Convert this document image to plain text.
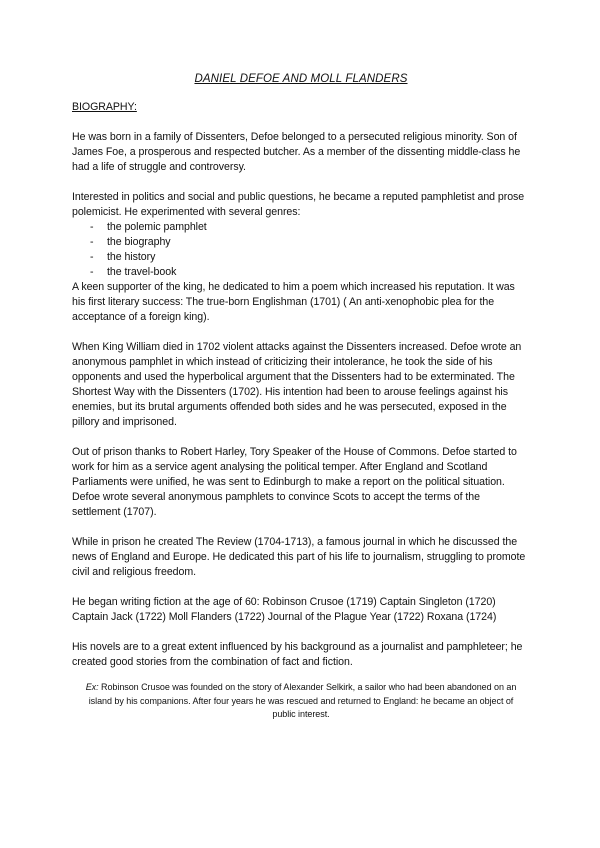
DANIEL DEFOE AND MOLL FLANDERS
BIOGRAPHY:

He was born in a family of Dissenters, Defoe belonged to a persecuted religious minority. Son of James Foe, a prosperous and respected butcher. As a member of the dissenting middle-class he had a life of struggle and controversy.

Interested in politics and social and public questions, he became a reputed pamphletist and prose polemicist. He experimented with several genres:

- the polemic pamphlet
- the biography
- the history
- the travel-book

A keen supporter of the king, he dedicated to him a poem which increased his reputation. It was his first literary success: The true-born Englishman (1701) ( An anti-xenophobic plea for the acceptance of a foreign king).

When King William died in 1702 violent attacks against the Dissenters increased. Defoe wrote an anonymous pamphlet in which instead of criticizing their intolerance, he took the side of his opponents and used the hyperbolical argument that the Dissenters had to be exterminated. The Shortest Way with the Dissenters (1702). His intention had been to arouse feelings against his enemies, but its brutal arguments offended both sides and he was persecuted, exposed in the pillory and imprisoned.

Out of prison thanks to Robert Harley, Tory Speaker of the House of Commons. Defoe started to work for him as a service agent analysing the political temper. After England and Scotland Parliaments were unified, he was sent to Edinburgh to make a report on the political situation. Defoe wrote several anonymous pamphlets to convince Scots to accept the terms of the settlement (1707).

While in prison he created The Review (1704-1713), a famous journal in which he discussed the news of England and Europe. He dedicated this part of his life to journalism, struggling to promote civil and religious freedom.

He began writing fiction at the age of 60: Robinson Crusoe (1719) Captain Singleton (1720) Captain Jack (1722) Moll Flanders (1722) Journal of the Plague Year (1722) Roxana (1724)

His novels are to a great extent influenced by his background as a journalist and pamphleteer; he created good stories from the combination of fact and fiction.

Ex: Robinson Crusoe was founded on the story of Alexander Selkirk, a sailor who had been abandoned on an island by his companions. After four years he was rescued and returned to England: he became an object of public interest.
